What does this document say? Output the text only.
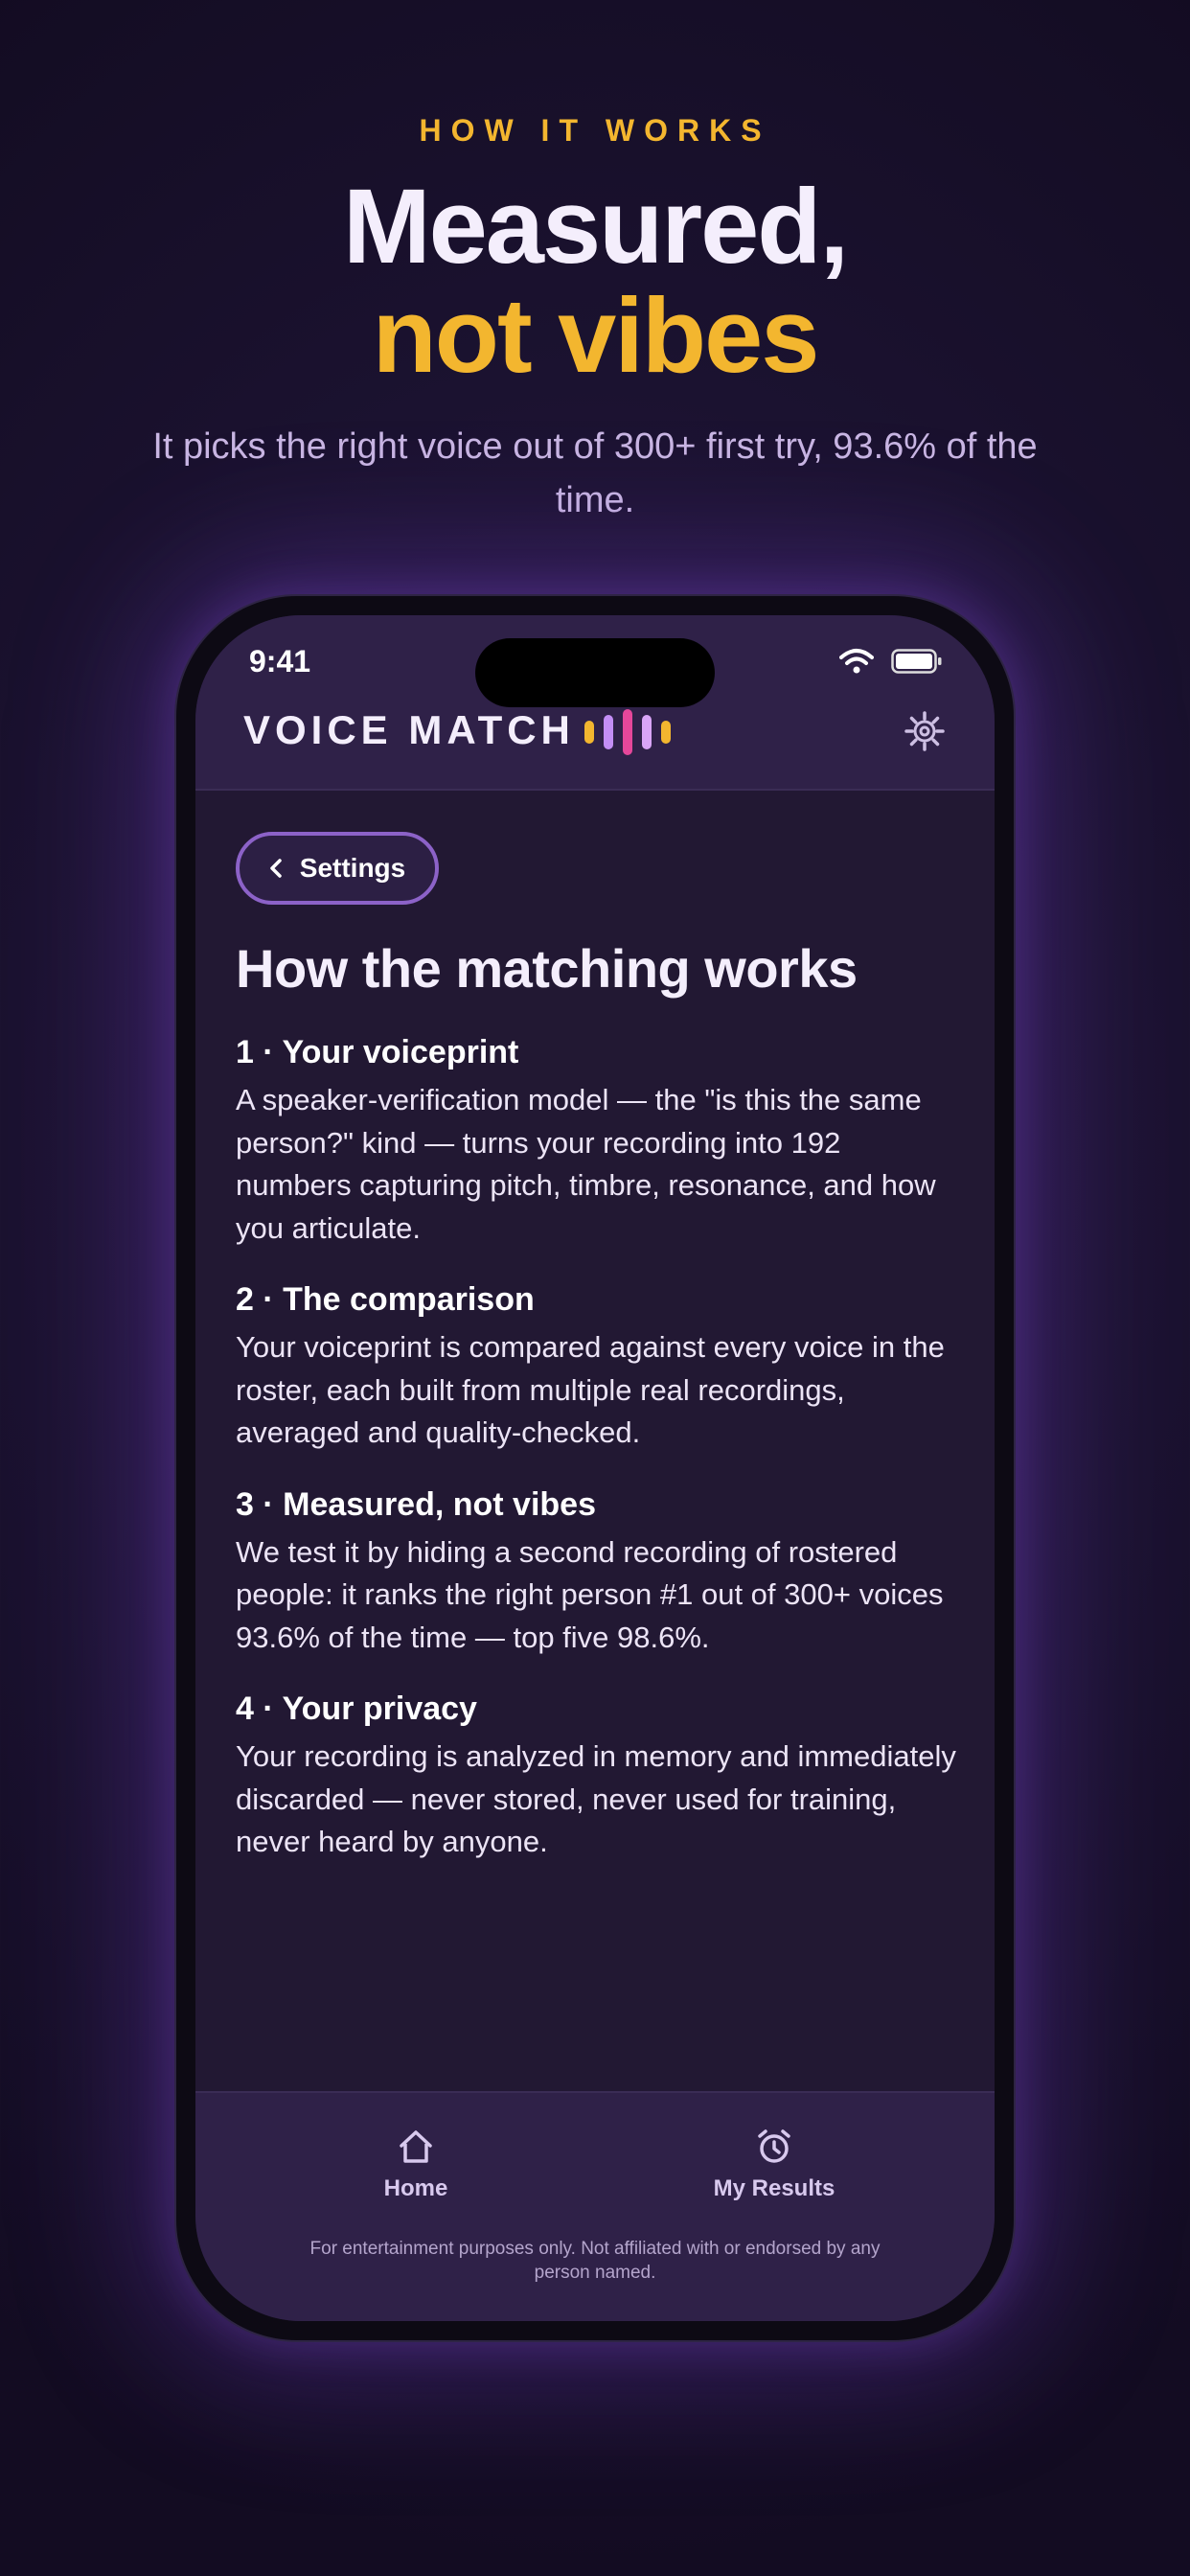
HOW IT WORKS
Measured,
not vibes
It picks the right voice out of 300+ first try, 93.6% of the time.
9:41
VOICE MATCH
Settings
How the matching works
1 · Your voiceprint

A speaker-verification model — the "is this the same person?" kind — turns your recording into 192 numbers capturing pitch, timbre, resonance, and how you articulate.

2 · The comparison

Your voiceprint is compared against every voice in the roster, each built from multiple real recordings, averaged and quality-checked.

3 · Measured, not vibes

We test it by hiding a second recording of rostered people: it ranks the right person #1 out of 300+ voices 93.6% of the time — top five 98.6%.

4 · Your privacy

Your recording is analyzed in memory and immediately discarded — never stored, never used for training, never heard by anyone.

Home	My Results
For entertainment purposes only. Not affiliated with or endorsed by any person named.
